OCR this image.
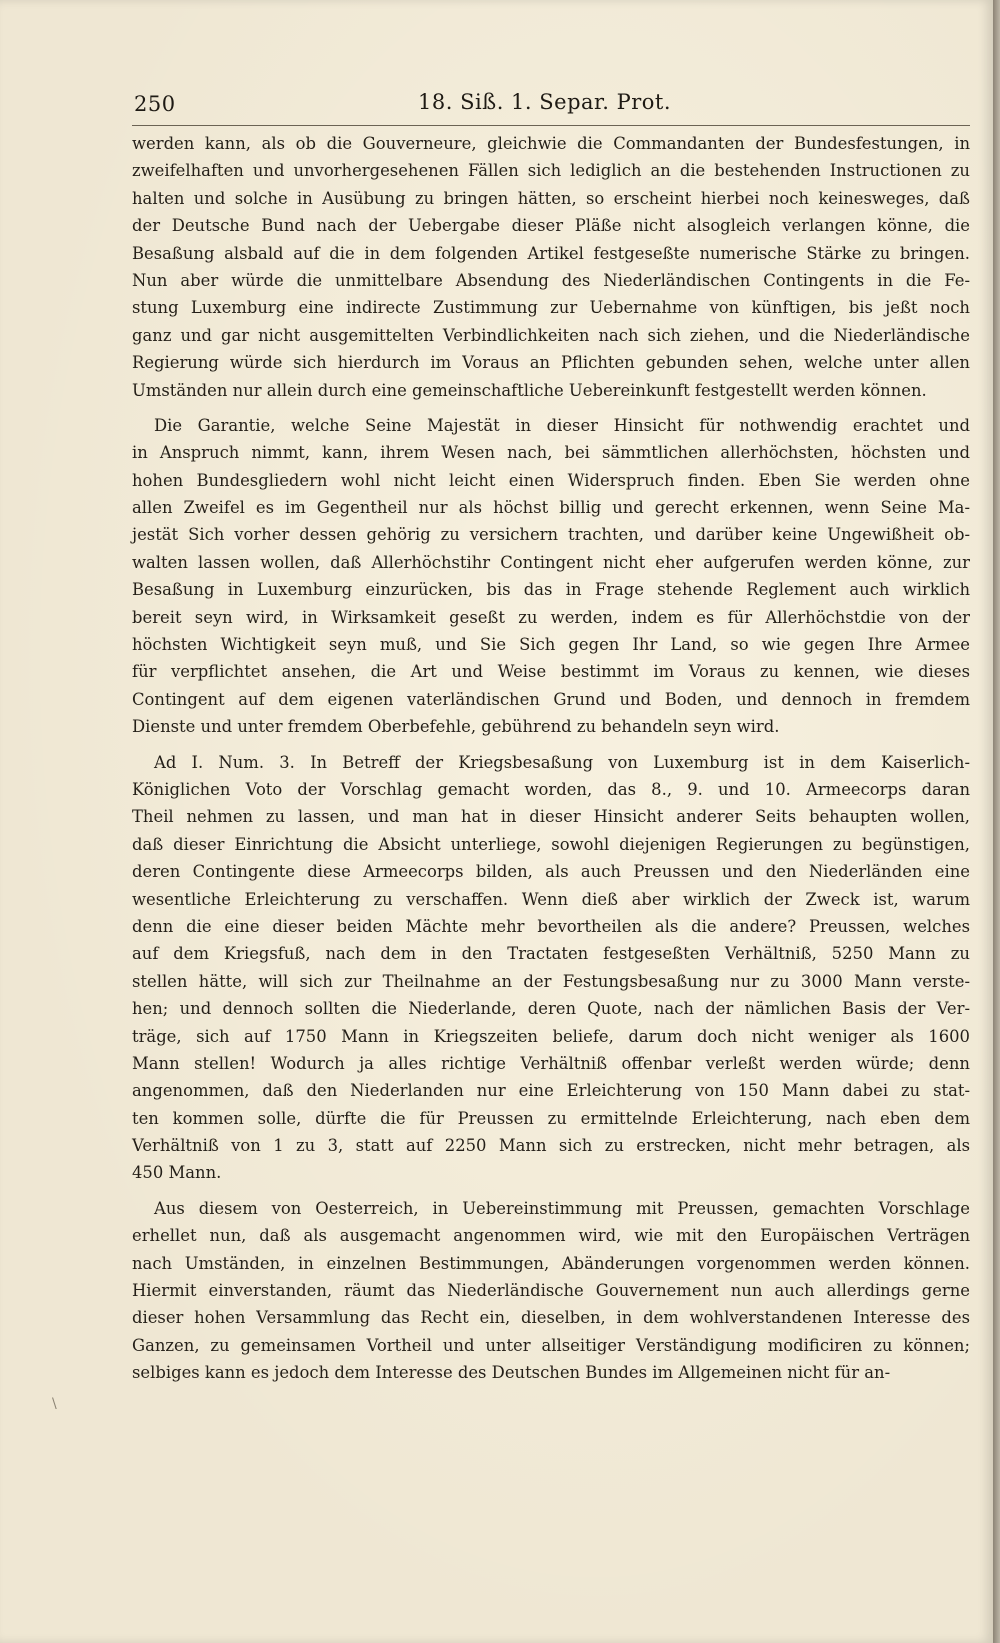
250	18. Siß. 1. Separ. Prot.
werden kann, als ob die Gouverneure, gleichwie die Commandanten der Bundesfestungen, in
zweifelhaften und unvorhergesehenen Fällen sich lediglich an die bestehenden Instructionen zu
halten und solche in Ausübung zu bringen hätten, so erscheint hierbei noch keinesweges, daß
der Deutsche Bund nach der Uebergabe dieser Pläße nicht alsogleich verlangen könne, die
Besaßung alsbald auf die in dem folgenden Artikel festgeseßte numerische Stärke zu bringen.
Nun aber würde die unmittelbare Absendung des Niederländischen Contingents in die Fe-
stung Luxemburg eine indirecte Zustimmung zur Uebernahme von künftigen, bis jeßt noch
ganz und gar nicht ausgemittelten Verbindlichkeiten nach sich ziehen, und die Niederländische
Regierung würde sich hierdurch im Voraus an Pflichten gebunden sehen, welche unter allen
Umständen nur allein durch eine gemeinschaftliche Uebereinkunft festgestellt werden können.
Die Garantie, welche Seine Majestät in dieser Hinsicht für nothwendig erachtet und
in Anspruch nimmt, kann, ihrem Wesen nach, bei sämmtlichen allerhöchsten, höchsten und
hohen Bundesgliedern wohl nicht leicht einen Widerspruch finden. Eben Sie werden ohne
allen Zweifel es im Gegentheil nur als höchst billig und gerecht erkennen, wenn Seine Ma-
jestät Sich vorher dessen gehörig zu versichern trachten, und darüber keine Ungewißheit ob-
walten lassen wollen, daß Allerhöchstihr Contingent nicht eher aufgerufen werden könne, zur
Besaßung in Luxemburg einzurücken, bis das in Frage stehende Reglement auch wirklich
bereit seyn wird, in Wirksamkeit geseßt zu werden, indem es für Allerhöchstdie von der
höchsten Wichtigkeit seyn muß, und Sie Sich gegen Ihr Land, so wie gegen Ihre Armee
für verpflichtet ansehen, die Art und Weise bestimmt im Voraus zu kennen, wie dieses
Contingent auf dem eigenen vaterländischen Grund und Boden, und dennoch in fremdem
Dienste und unter fremdem Oberbefehle, gebührend zu behandeln seyn wird.
Ad I. Num. 3. In Betreff der Kriegsbesaßung von Luxemburg ist in dem Kaiserlich-
Königlichen Voto der Vorschlag gemacht worden, das 8., 9. und 10. Armeecorps daran
Theil nehmen zu lassen, und man hat in dieser Hinsicht anderer Seits behaupten wollen,
daß dieser Einrichtung die Absicht unterliege, sowohl diejenigen Regierungen zu begünstigen,
deren Contingente diese Armeecorps bilden, als auch Preussen und den Niederländen eine
wesentliche Erleichterung zu verschaffen. Wenn dieß aber wirklich der Zweck ist, warum
denn die eine dieser beiden Mächte mehr bevortheilen als die andere? Preussen, welches
auf dem Kriegsfuß, nach dem in den Tractaten festgeseßten Verhältniß, 5250 Mann zu
stellen hätte, will sich zur Theilnahme an der Festungsbesaßung nur zu 3000 Mann verste-
hen; und dennoch sollten die Niederlande, deren Quote, nach der nämlichen Basis der Ver-
träge, sich auf 1750 Mann in Kriegszeiten beliefe, darum doch nicht weniger als 1600
Mann stellen! Wodurch ja alles richtige Verhältniß offenbar verleßt werden würde; denn
angenommen, daß den Niederlanden nur eine Erleichterung von 150 Mann dabei zu stat-
ten kommen solle, dürfte die für Preussen zu ermittelnde Erleichterung, nach eben dem
Verhältniß von 1 zu 3, statt auf 2250 Mann sich zu erstrecken, nicht mehr betragen, als
450 Mann.
Aus diesem von Oesterreich, in Uebereinstimmung mit Preussen, gemachten Vorschlage
erhellet nun, daß als ausgemacht angenommen wird, wie mit den Europäischen Verträgen
nach Umständen, in einzelnen Bestimmungen, Abänderungen vorgenommen werden können.
Hiermit einverstanden, räumt das Niederländische Gouvernement nun auch allerdings gerne
dieser hohen Versammlung das Recht ein, dieselben, in dem wohlverstandenen Interesse des
Ganzen, zu gemeinsamen Vortheil und unter allseitiger Verständigung modificiren zu können;
selbiges kann es jedoch dem Interesse des Deutschen Bundes im Allgemeinen nicht für an-
\
